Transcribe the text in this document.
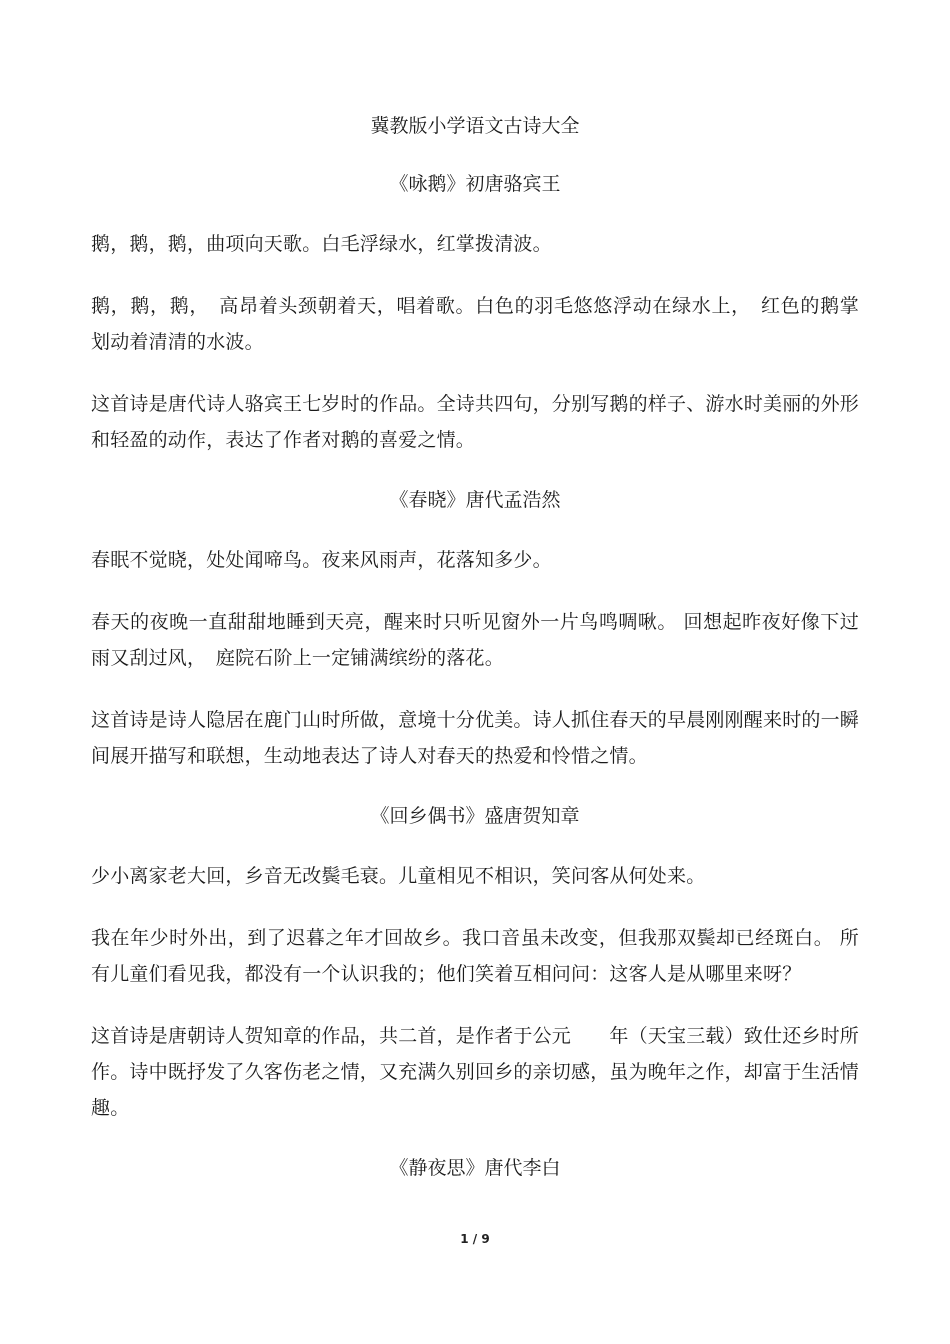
冀教版小学语文古诗大全
《咏鹅》初唐骆宾王
鹅，鹅，鹅，曲项向天歌。白毛浮绿水，红掌拨清波。
鹅，鹅，鹅，　高昂着头颈朝着天，唱着歌。白色的羽毛悠悠浮动在绿水上，　红色的鹅掌划动着清清的水波。
这首诗是唐代诗人骆宾王七岁时的作品。全诗共四句，分别写鹅的样子、游水时美丽的外形和轻盈的动作，表达了作者对鹅的喜爱之情。
《春晓》唐代孟浩然
春眠不觉晓，处处闻啼鸟。夜来风雨声，花落知多少。
春天的夜晚一直甜甜地睡到天亮，醒来时只听见窗外一片鸟鸣啁啾。 回想起昨夜好像下过雨又刮过风，　庭院石阶上一定铺满缤纷的落花。
这首诗是诗人隐居在鹿门山时所做，意境十分优美。诗人抓住春天的早晨刚刚醒来时的一瞬间展开描写和联想，生动地表达了诗人对春天的热爱和怜惜之情。
《回乡偶书》盛唐贺知章
少小离家老大回，乡音无改鬓毛衰。儿童相见不相识，笑问客从何处来。
我在年少时外出，到了迟暮之年才回故乡。我口音虽未改变，但我那双鬓却已经斑白。 所有儿童们看见我，都没有一个认识我的；他们笑着互相问问：这客人是从哪里来呀？
这首诗是唐朝诗人贺知章的作品，共二首，是作者于公元　　年（天宝三载）致仕还乡时所作。诗中既抒发了久客伤老之情，又充满久别回乡的亲切感，虽为晚年之作，却富于生活情趣。
《静夜思》唐代李白
1 / 9
